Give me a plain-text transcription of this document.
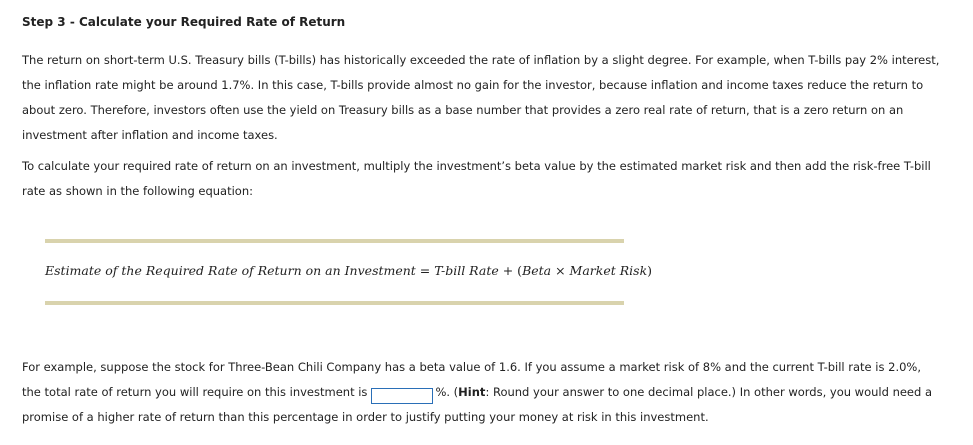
Step 3 - Calculate your Required Rate of Return

The return on short-term U.S. Treasury bills (T-bills) has historically exceeded the rate of inflation by a slight degree. For example, when T-bills pay 2% interest, the inflation rate might be around 1.7%. In this case, T-bills provide almost no gain for the investor, because inflation and income taxes reduce the return to about zero. Therefore, investors often use the yield on Treasury bills as a base number that provides a zero real rate of return, that is a zero return on an investment after inflation and income taxes.

To calculate your required rate of return on an investment, multiply the investment’s beta value by the estimated market risk and then add the risk-free T-bill rate as shown in the following equation:

Estimate of the Required Rate of Return on an Investment = T-bill Rate + (Beta × Market Risk)

For example, suppose the stock for Three-Bean Chili Company has a beta value of 1.6. If you assume a market risk of 8% and the current T-bill rate is 2.0%, the total rate of return you will require on this investment is	%. (Hint: Round your answer to one decimal place.) In other words, you would need a promise of a higher rate of return than this percentage in order to justify putting your money at risk in this investment.
